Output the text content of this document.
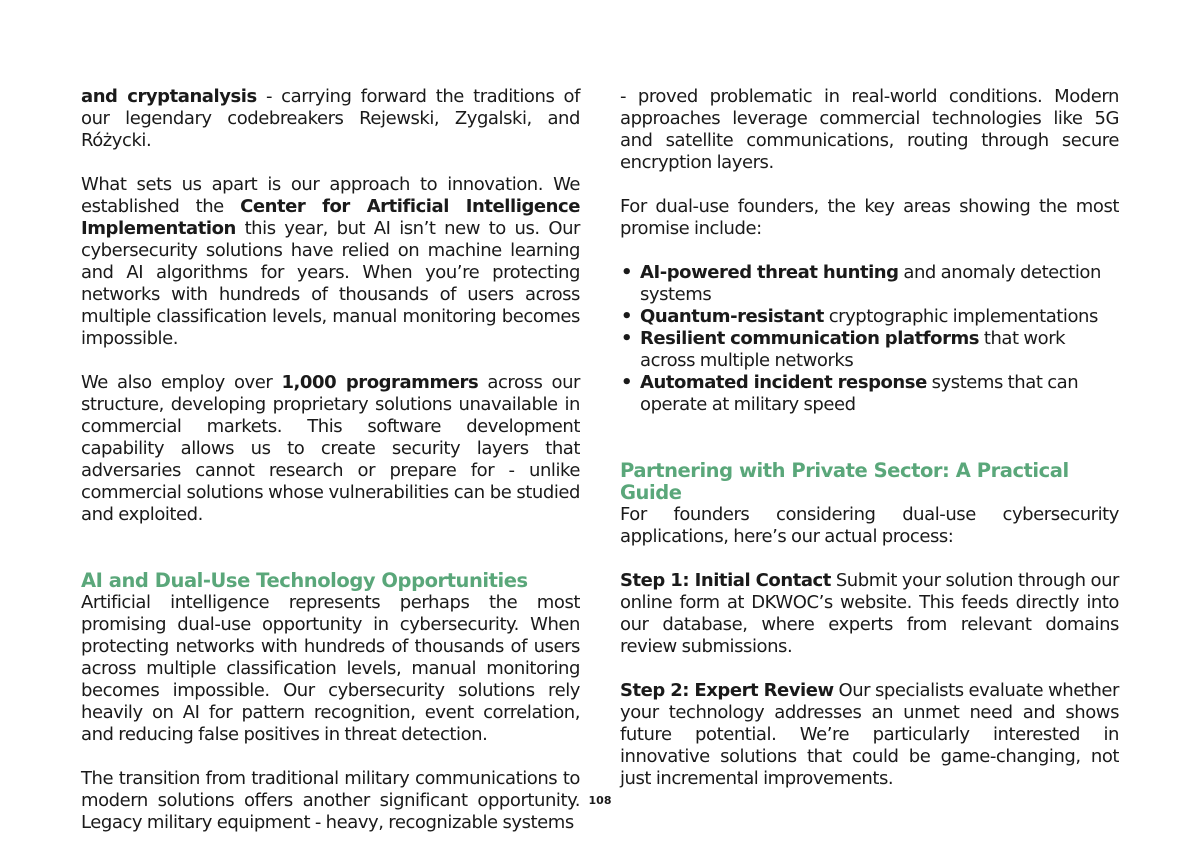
and cryptanalysis - carrying forward the traditions of our legendary codebreakers Rejewski, Zygalski, and Różycki.

What sets us apart is our approach to innovation. We established the Center for Artificial Intelligence Implementation this year, but AI isn’t new to us. Our cybersecurity solutions have relied on machine learning and AI algorithms for years. When you’re protecting networks with hundreds of thousands of users across multiple classification levels, manual monitoring becomes impossible.

We also employ over 1,000 programmers across our structure, developing proprietary solutions unavailable in commercial markets. This software development capability allows us to create security layers that adversaries cannot research or prepare for - unlike commercial solutions whose vulnerabilities can be studied and exploited.

AI and Dual-Use Technology Opportunities

Artificial intelligence represents perhaps the most promising dual-use opportunity in cybersecurity. When protecting networks with hundreds of thousands of users across multiple classification levels, manual monitoring becomes impossible. Our cybersecurity solutions rely heavily on AI for pattern recognition, event correlation, and reducing false positives in threat detection.

The transition from traditional military communications to modern solutions offers another significant opportunity. Legacy military equipment - heavy, recognizable systems

- proved problematic in real-world conditions. Modern approaches leverage commercial technologies like 5G and satellite communications, routing through secure encryption layers.

For dual-use founders, the key areas showing the most promise include:

• AI-powered threat hunting and anomaly detection systems
• Quantum-resistant cryptographic implementations
• Resilient communication platforms that work across multiple networks
• Automated incident response systems that can operate at military speed
Partnering with Private Sector: A Practical Guide

For founders considering dual-use cybersecurity applications, here’s our actual process:

Step 1: Initial Contact Submit your solution through our online form at DKWOC’s website. This feeds directly into our database, where experts from relevant domains review submissions.

Step 2: Expert Review Our specialists evaluate whether your technology addresses an unmet need and shows future potential. We’re particularly interested in innovative solutions that could be game-changing, not just incremental improvements.

108
